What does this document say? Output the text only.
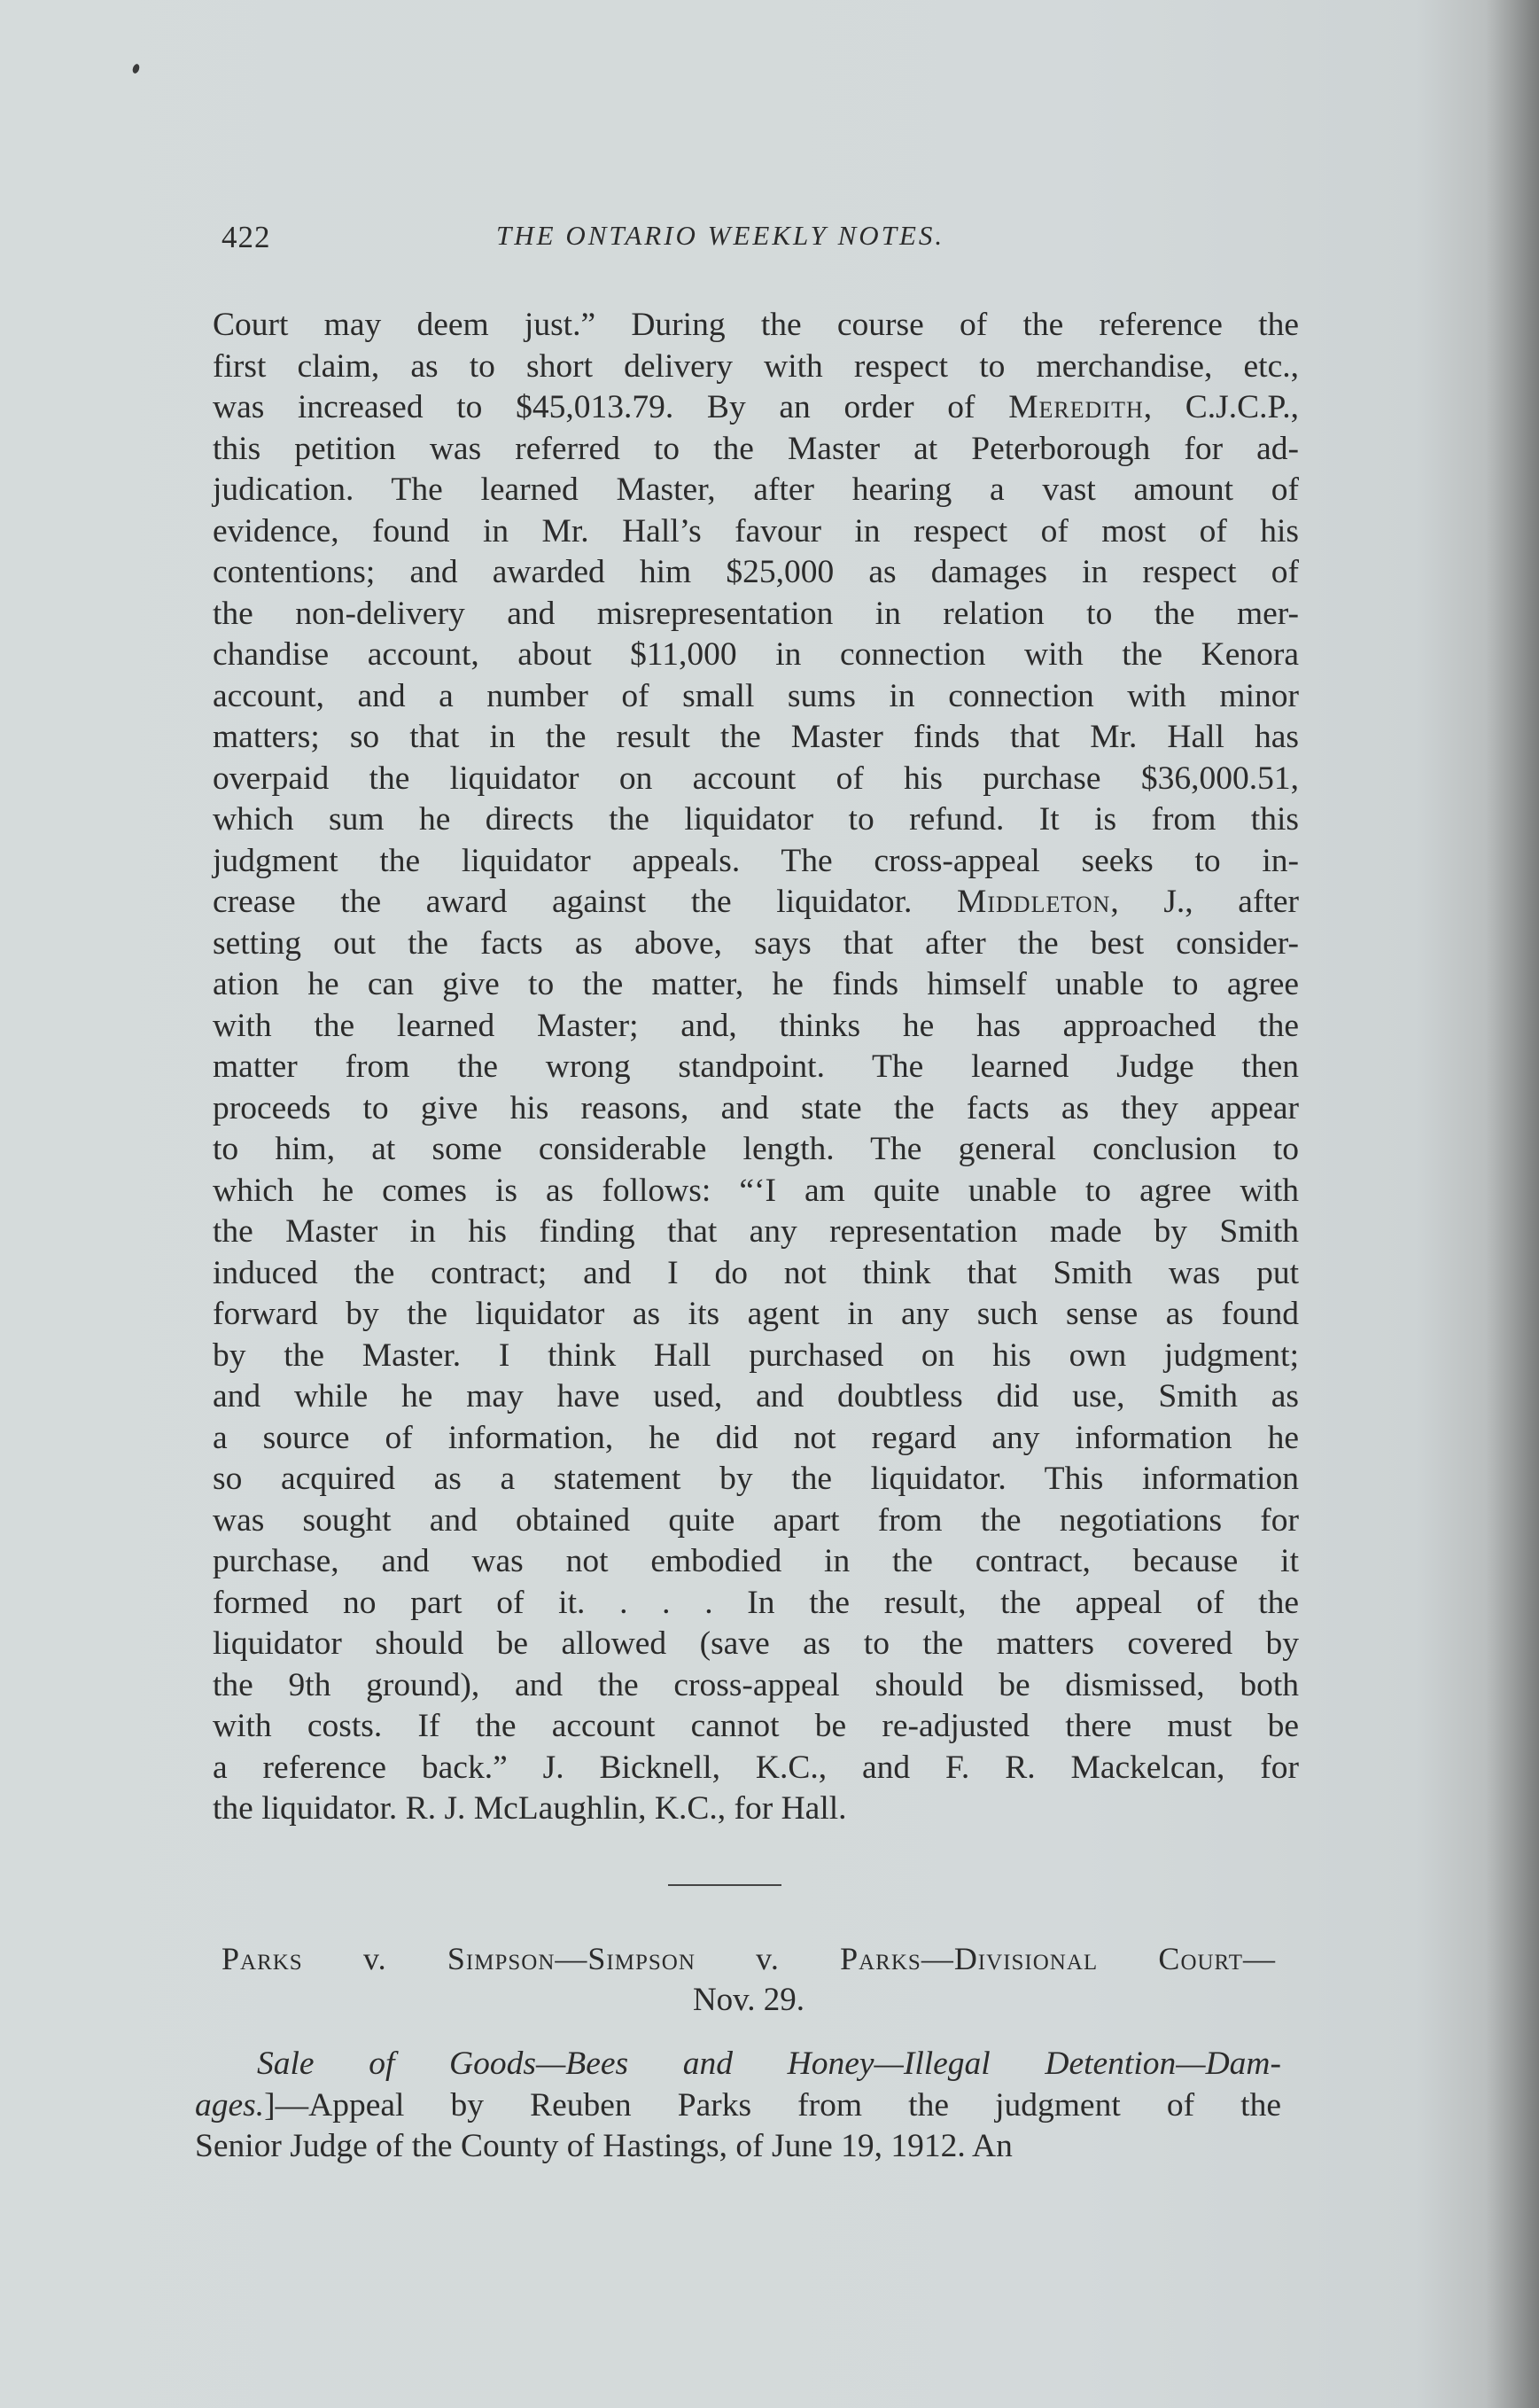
422	THE ONTARIO WEEKLY NOTES.
Court may deem just.” During the course of the reference the
first claim, as to short delivery with respect to merchandise, etc.,
was increased to $45,013.79. By an order of Meredith, C.J.C.P.,
this petition was referred to the Master at Peterborough for ad-
judication. The learned Master, after hearing a vast amount of
evidence, found in Mr. Hall’s favour in respect of most of his
contentions; and awarded him $25,000 as damages in respect of
the non-delivery and misrepresentation in relation to the mer-
chandise account, about $11,000 in connection with the Kenora
account, and a number of small sums in connection with minor
matters; so that in the result the Master finds that Mr. Hall has
overpaid the liquidator on account of his purchase $36,000.51,
which sum he directs the liquidator to refund. It is from this
judgment the liquidator appeals. The cross-appeal seeks to in-
crease the award against the liquidator. Middleton, J., after
setting out the facts as above, says that after the best consider-
ation he can give to the matter, he finds himself unable to agree
with the learned Master; and, thinks he has approached the
matter from the wrong standpoint. The learned Judge then
proceeds to give his reasons, and state the facts as they appear
to him, at some considerable length. The general conclusion to
which he comes is as follows: “‘I am quite unable to agree with
the Master in his finding that any representation made by Smith
induced the contract; and I do not think that Smith was put
forward by the liquidator as its agent in any such sense as found
by the Master. I think Hall purchased on his own judgment;
and while he may have used, and doubtless did use, Smith as
a source of information, he did not regard any information he
so acquired as a statement by the liquidator. This information
was sought and obtained quite apart from the negotiations for
purchase, and was not embodied in the contract, because it
formed no part of it. . . . In the result, the appeal of the
liquidator should be allowed (save as to the matters covered by
the 9th ground), and the cross-appeal should be dismissed, both
with costs. If the account cannot be re-adjusted there must be
a reference back.” J. Bicknell, K.C., and F. R. Mackelcan, for
the liquidator. R. J. McLaughlin, K.C., for Hall.
Parks v. Simpson—Simpson v. Parks—Divisional Court—
Nov. 29.
Sale of Goods—Bees and Honey—Illegal Detention—Dam-
ages.]—Appeal by Reuben Parks from the judgment of the
Senior Judge of the County of Hastings, of June 19, 1912. An
